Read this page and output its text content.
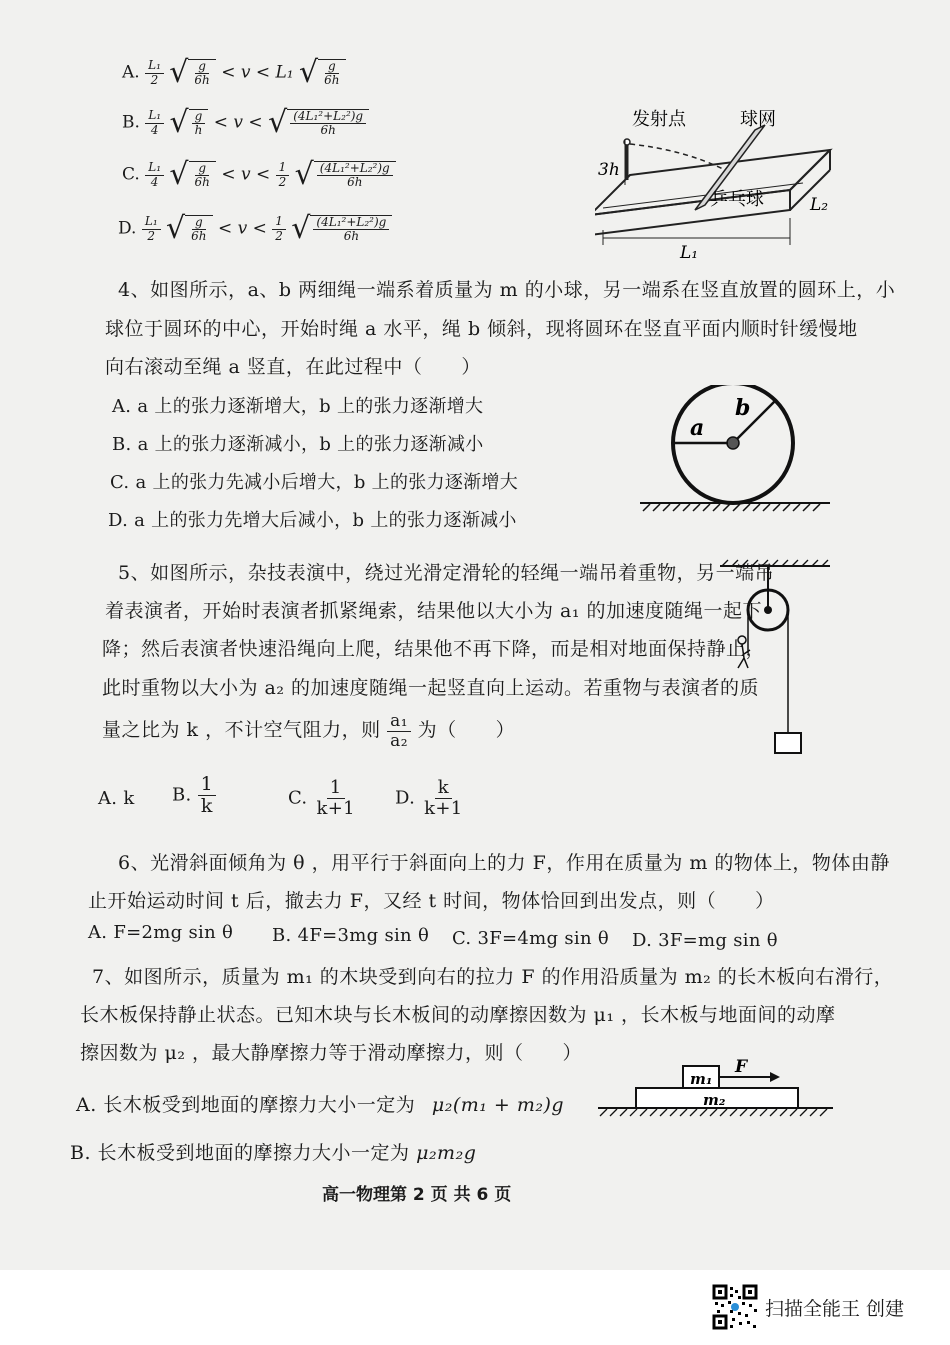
A. $\frac{\text{L₁}}{2}$
√ $\frac{g}{6h} < v < L_1$ √ $\frac{g}{6h}$
B. $\frac{\text{L₁}}{4}$
√ $\frac{g}{h} < v$ < √ $\frac{\text{(4L₁²+L₂²)g}}{6h}$
C. $\frac{\text{L₁}}{4}$
√ $\frac{g}{6h} < v < \frac{1}{2}$
√ $\frac{\text{(4L₁²+L₂²)g}}{6h}$
D. $\frac{\text{L₁}}{2}$
√ $\frac{g}{6h} < v < \frac{1}{2}$
√ $\frac{\text{(4L₁²+L₂²)g}}{6h}$
发射点	球网
乒乓球
3h
L₁
L₂
4、如图所示，a、b 两细绳一端系着质量为 m 的小球，另一端系在竖直放置的圆环上，小
球位于圆环的中心，开始时绳 a 水平，绳 b 倾斜，现将圆环在竖直平面内顺时针缓慢地
向右滚动至绳 a 竖直，在此过程中（　　）
A. a 上的张力逐渐增大，b 上的张力逐渐增大
B. a 上的张力逐渐减小，b 上的张力逐渐减小
C. a 上的张力先减小后增大，b 上的张力逐渐增大
D. a 上的张力先增大后减小，b 上的张力逐渐减小
a
b
5、如图所示，杂技表演中，绕过光滑定滑轮的轻绳一端吊着重物，另一端吊
着表演者，开始时表演者抓紧绳索，结果他以大小为 a₁ 的加速度随绳一起下
降；然后表演者快速沿绳向上爬，结果他不再下降，而是相对地面保持静止，
此时重物以大小为 a₂ 的加速度随绳一起竖直向上运动。若重物与表演者的质
量之比为 k ，不计空气阻力，则 $\frac{\text{a₁}}{\text{a₂}}$ 为（　　）
A. k B. $\frac{1}{k}$	C. $\frac{1}{k+1} D$. $\frac{k}{k+1}$
6、光滑斜面倾角为 θ ，用平行于斜面向上的力 F，作用在质量为 m 的物体上，物体由静
止开始运动时间 t 后，撤去力 F，又经 t 时间，物体恰回到出发点，则（　　）
A. F=2mg sin θ B. 4F=3mg sin θ C. 3F=4mg sin θ D. 3F=mg sin θ
7、如图所示，质量为 m₁ 的木块受到向右的拉力 F 的作用沿质量为 m₂ 的长木板向右滑行，
长木板保持静止状态。已知木块与长木板间的动摩擦因数为 μ₁ ，长木板与地面间的动摩
擦因数为 μ₂ ，最大静摩擦力等于滑动摩擦力，则（　　）
A. 长木板受到地面的摩擦力大小一定为 μ₂(m₁ + m₂)g
B. 长木板受到地面的摩擦力大小一定为 μ₂m₂g
m₁
m₂
F
高一物理第 2 页 共 6 页
扫描全能王 创建
